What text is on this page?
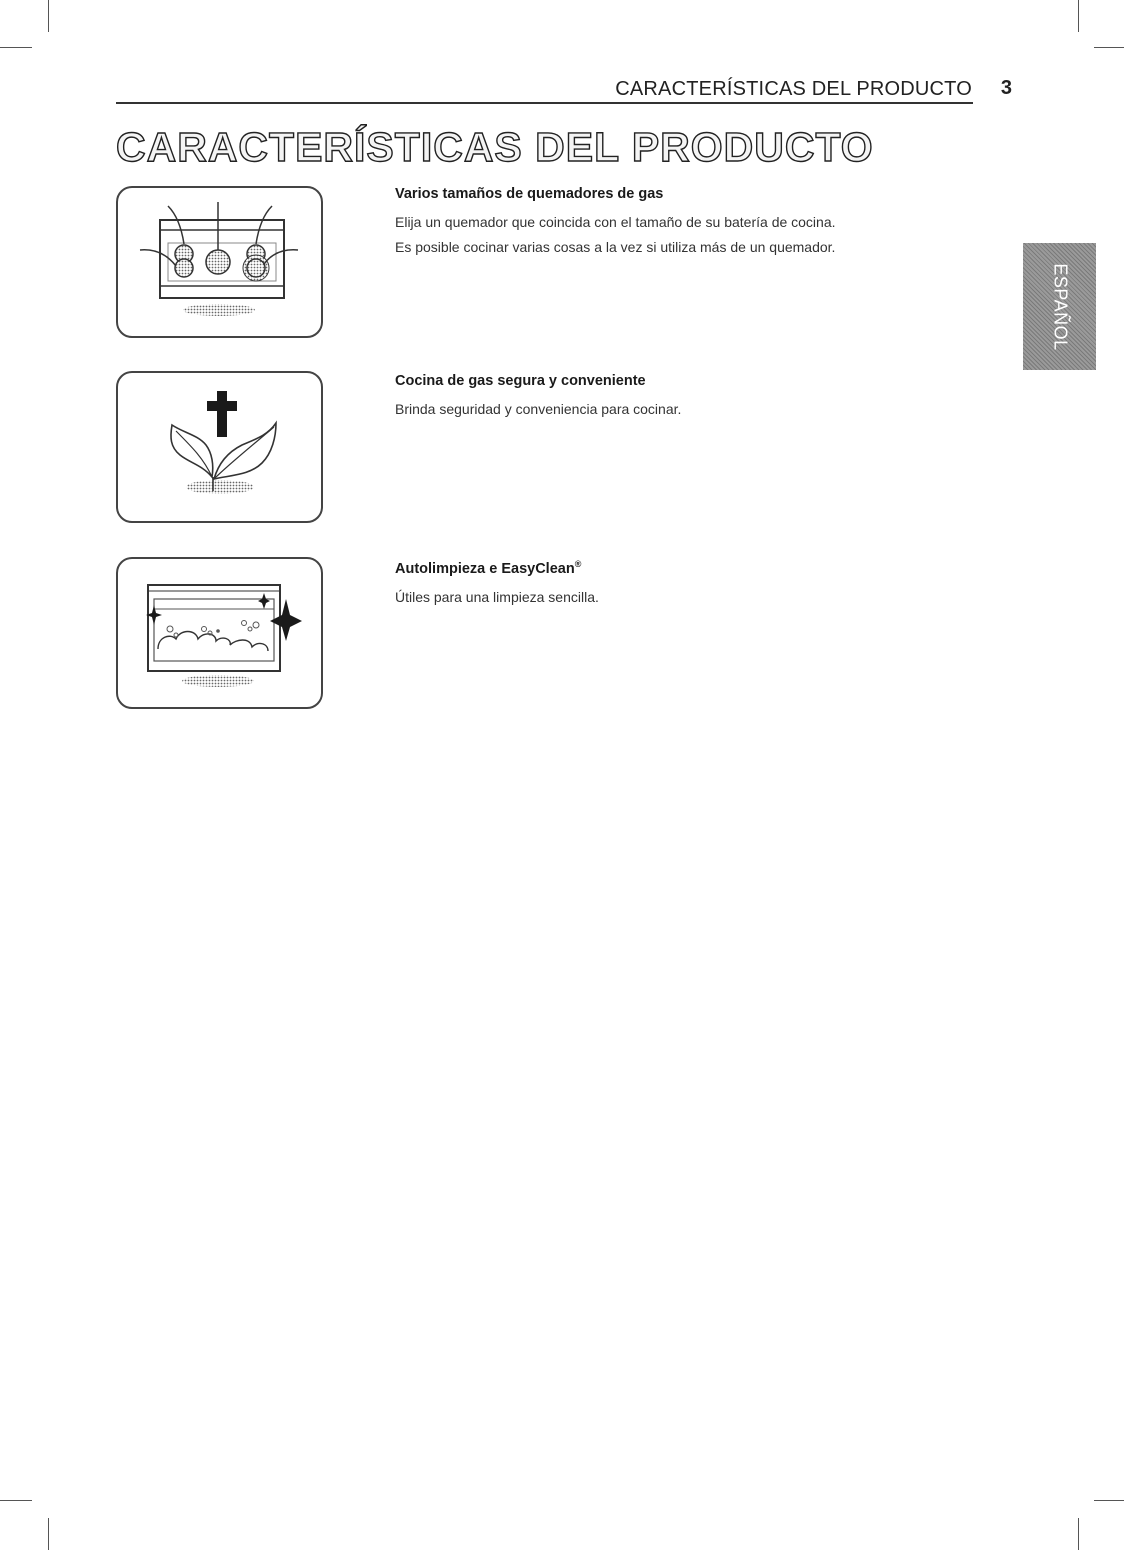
CARACTERÍSTICAS DEL PRODUCTO 3
CARACTERÍSTICAS DEL PRODUCTO
ESPAÑOL
Varios tamaños de quemadores de gas
Elija un quemador que coincida con el tamaño de su batería de cocina.
Es posible cocinar varias cosas a la vez si utiliza más de un quemador.
Cocina de gas segura y conveniente
Brinda seguridad y conveniencia para cocinar.
Autolimpieza e EasyClean®
Útiles para una limpieza sencilla.
